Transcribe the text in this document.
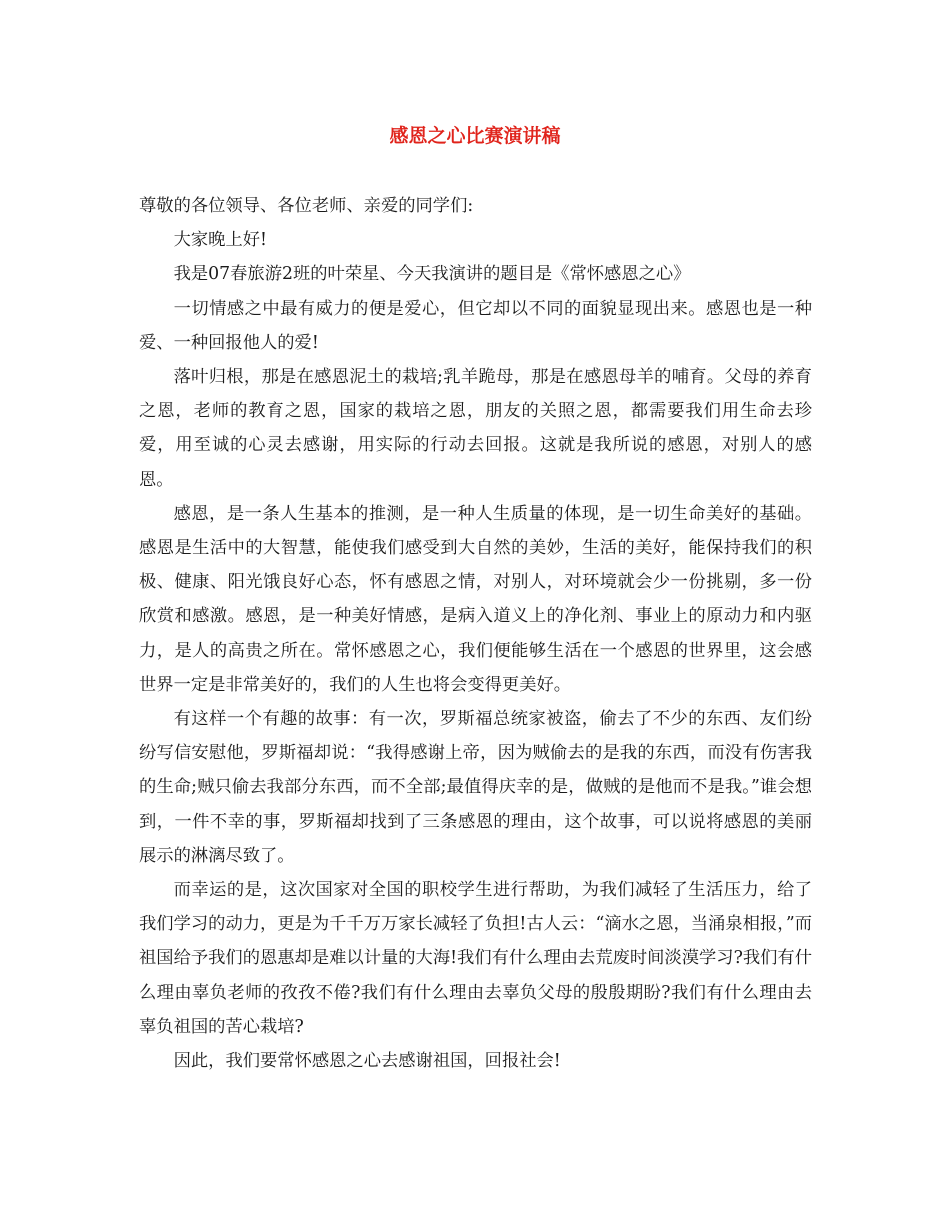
感恩之心比赛演讲稿

尊敬的各位领导、各位老师、亲爱的同学们:

大家晚上好!

我是07春旅游2班的叶荣星、今天我演讲的题目是《常怀感恩之心》

一切情感之中最有威力的便是爱心，但它却以不同的面貌显现出来。感恩也是一种爱、一种回报他人的爱!

落叶归根，那是在感恩泥土的栽培;乳羊跪母，那是在感恩母羊的哺育。父母的养育之恩，老师的教育之恩，国家的栽培之恩，朋友的关照之恩，都需要我们用生命去珍爱，用至诚的心灵去感谢，用实际的行动去回报。这就是我所说的感恩，对别人的感恩。

感恩，是一条人生基本的推测，是一种人生质量的体现，是一切生命美好的基础。感恩是生活中的大智慧，能使我们感受到大自然的美妙，生活的美好，能保持我们的积极、健康、阳光饿良好心态，怀有感恩之情，对别人，对环境就会少一份挑剔，多一份欣赏和感激。感恩，是一种美好情感，是病入道义上的净化剂、事业上的原动力和内驱力，是人的高贵之所在。常怀感恩之心，我们便能够生活在一个感恩的世界里，这会感世界一定是非常美好的，我们的人生也将会变得更美好。

有这样一个有趣的故事：有一次，罗斯福总统家被盗，偷去了不少的东西、友们纷纷写信安慰他，罗斯福却说：“我得感谢上帝，因为贼偷去的是我的东西，而没有伤害我的生命;贼只偷去我部分东西，而不全部;最值得庆幸的是，做贼的是他而不是我。”谁会想到，一件不幸的事，罗斯福却找到了三条感恩的理由，这个故事，可以说将感恩的美丽展示的淋漓尽致了。

而幸运的是，这次国家对全国的职校学生进行帮助，为我们减轻了生活压力，给了我们学习的动力，更是为千千万万家长减轻了负担!古人云：“滴水之恩，当涌泉相报，”而祖国给予我们的恩惠却是难以计量的大海!我们有什么理由去荒废时间淡漠学习?我们有什么理由辜负老师的孜孜不倦?我们有什么理由去辜负父母的殷殷期盼?我们有什么理由去辜负祖国的苦心栽培?

因此，我们要常怀感恩之心去感谢祖国，回报社会!
